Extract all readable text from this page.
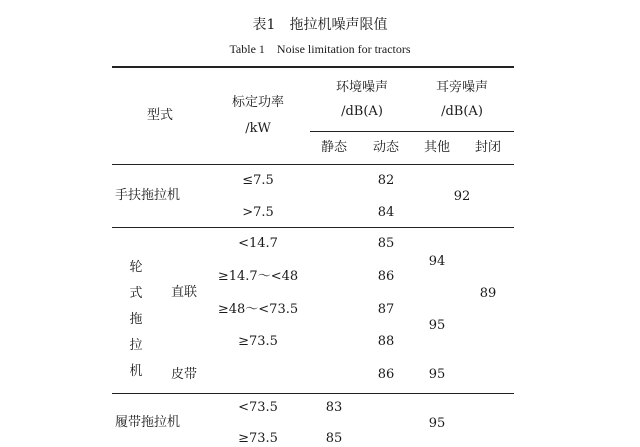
表1　拖拉机噪声限值
Table 1　Noise limitation for tractors
型式
标定功率
/kW
环境噪声
/dB(A)
耳旁噪声
/dB(A)
静态 动态 其他 封闭
手扶拖拉机
≤7.5
>7.5
82
84
92
轮
式
拖
拉
机
直联
皮带
<14.7
≥14.7～<48
≥48～<73.5
≥73.5
85
86
87
88
86
94
95
95
89
履带拖拉机
<73.5
≥73.5
83
85
95
